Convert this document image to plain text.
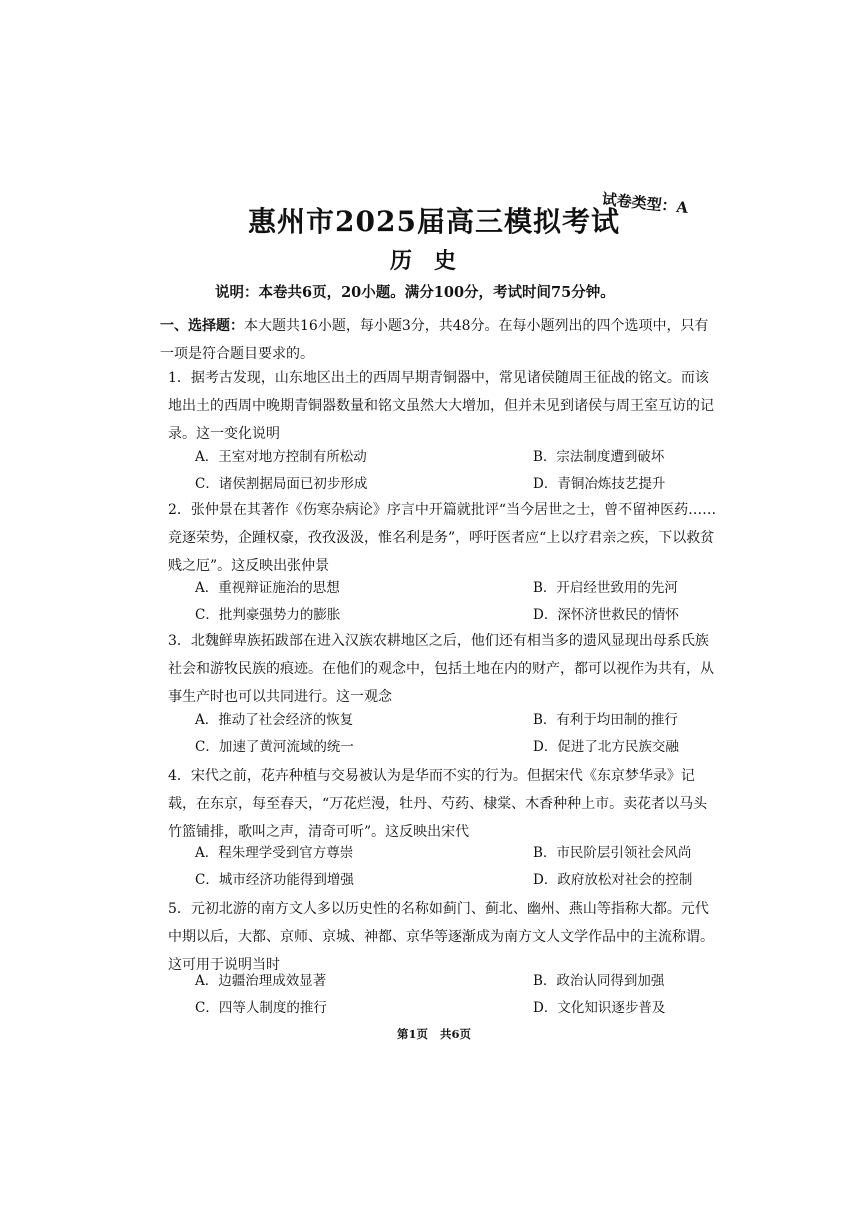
试卷类型：A
惠州市2025届高三模拟考试
历史
说明：本卷共6页，20小题。满分100分，考试时间75分钟。
一、选择题：本大题共16小题，每小题3分，共48分。在每小题列出的四个选项中，只有一项是符合题目要求的。
1．据考古发现，山东地区出土的西周早期青铜器中，常见诸侯随周王征战的铭文。而该地出土的西周中晚期青铜器数量和铭文虽然大大增加，但并未见到诸侯与周王室互访的记录。这一变化说明
A．王室对地方控制有所松动	B．宗法制度遭到破坏
C．诸侯割据局面已初步形成	D．青铜冶炼技艺提升
2．张仲景在其著作《伤寒杂病论》序言中开篇就批评“当今居世之士，曾不留神医药……竞逐荣势，企踵权豪，孜孜汲汲，惟名利是务”，呼吁医者应“上以疗君亲之疾，下以救贫贱之厄”。这反映出张仲景
A．重视辩证施治的思想	B．开启经世致用的先河
C．批判豪强势力的膨胀	D．深怀济世救民的情怀
3．北魏鲜卑族拓跋部在进入汉族农耕地区之后，他们还有相当多的遗风显现出母系氏族社会和游牧民族的痕迹。在他们的观念中，包括土地在内的财产，都可以视作为共有，从事生产时也可以共同进行。这一观念
A．推动了社会经济的恢复	B．有利于均田制的推行
C．加速了黄河流域的统一	D．促进了北方民族交融
4．宋代之前，花卉种植与交易被认为是华而不实的行为。但据宋代《东京梦华录》记载，在东京，每至春天，“万花烂漫，牡丹、芍药、棣棠、木香种种上市。卖花者以马头竹篮铺排，歌叫之声，清奇可听”。这反映出宋代
A．程朱理学受到官方尊崇	B．市民阶层引领社会风尚
C．城市经济功能得到增强	D．政府放松对社会的控制
5．元初北游的南方文人多以历史性的名称如蓟门、蓟北、幽州、燕山等指称大都。元代中期以后，大都、京师、京城、神都、京华等逐渐成为南方文人文学作品中的主流称谓。这可用于说明当时
A．边疆治理成效显著	B．政治认同得到加强
C．四等人制度的推行	D．文化知识逐步普及
第1页 共6页
